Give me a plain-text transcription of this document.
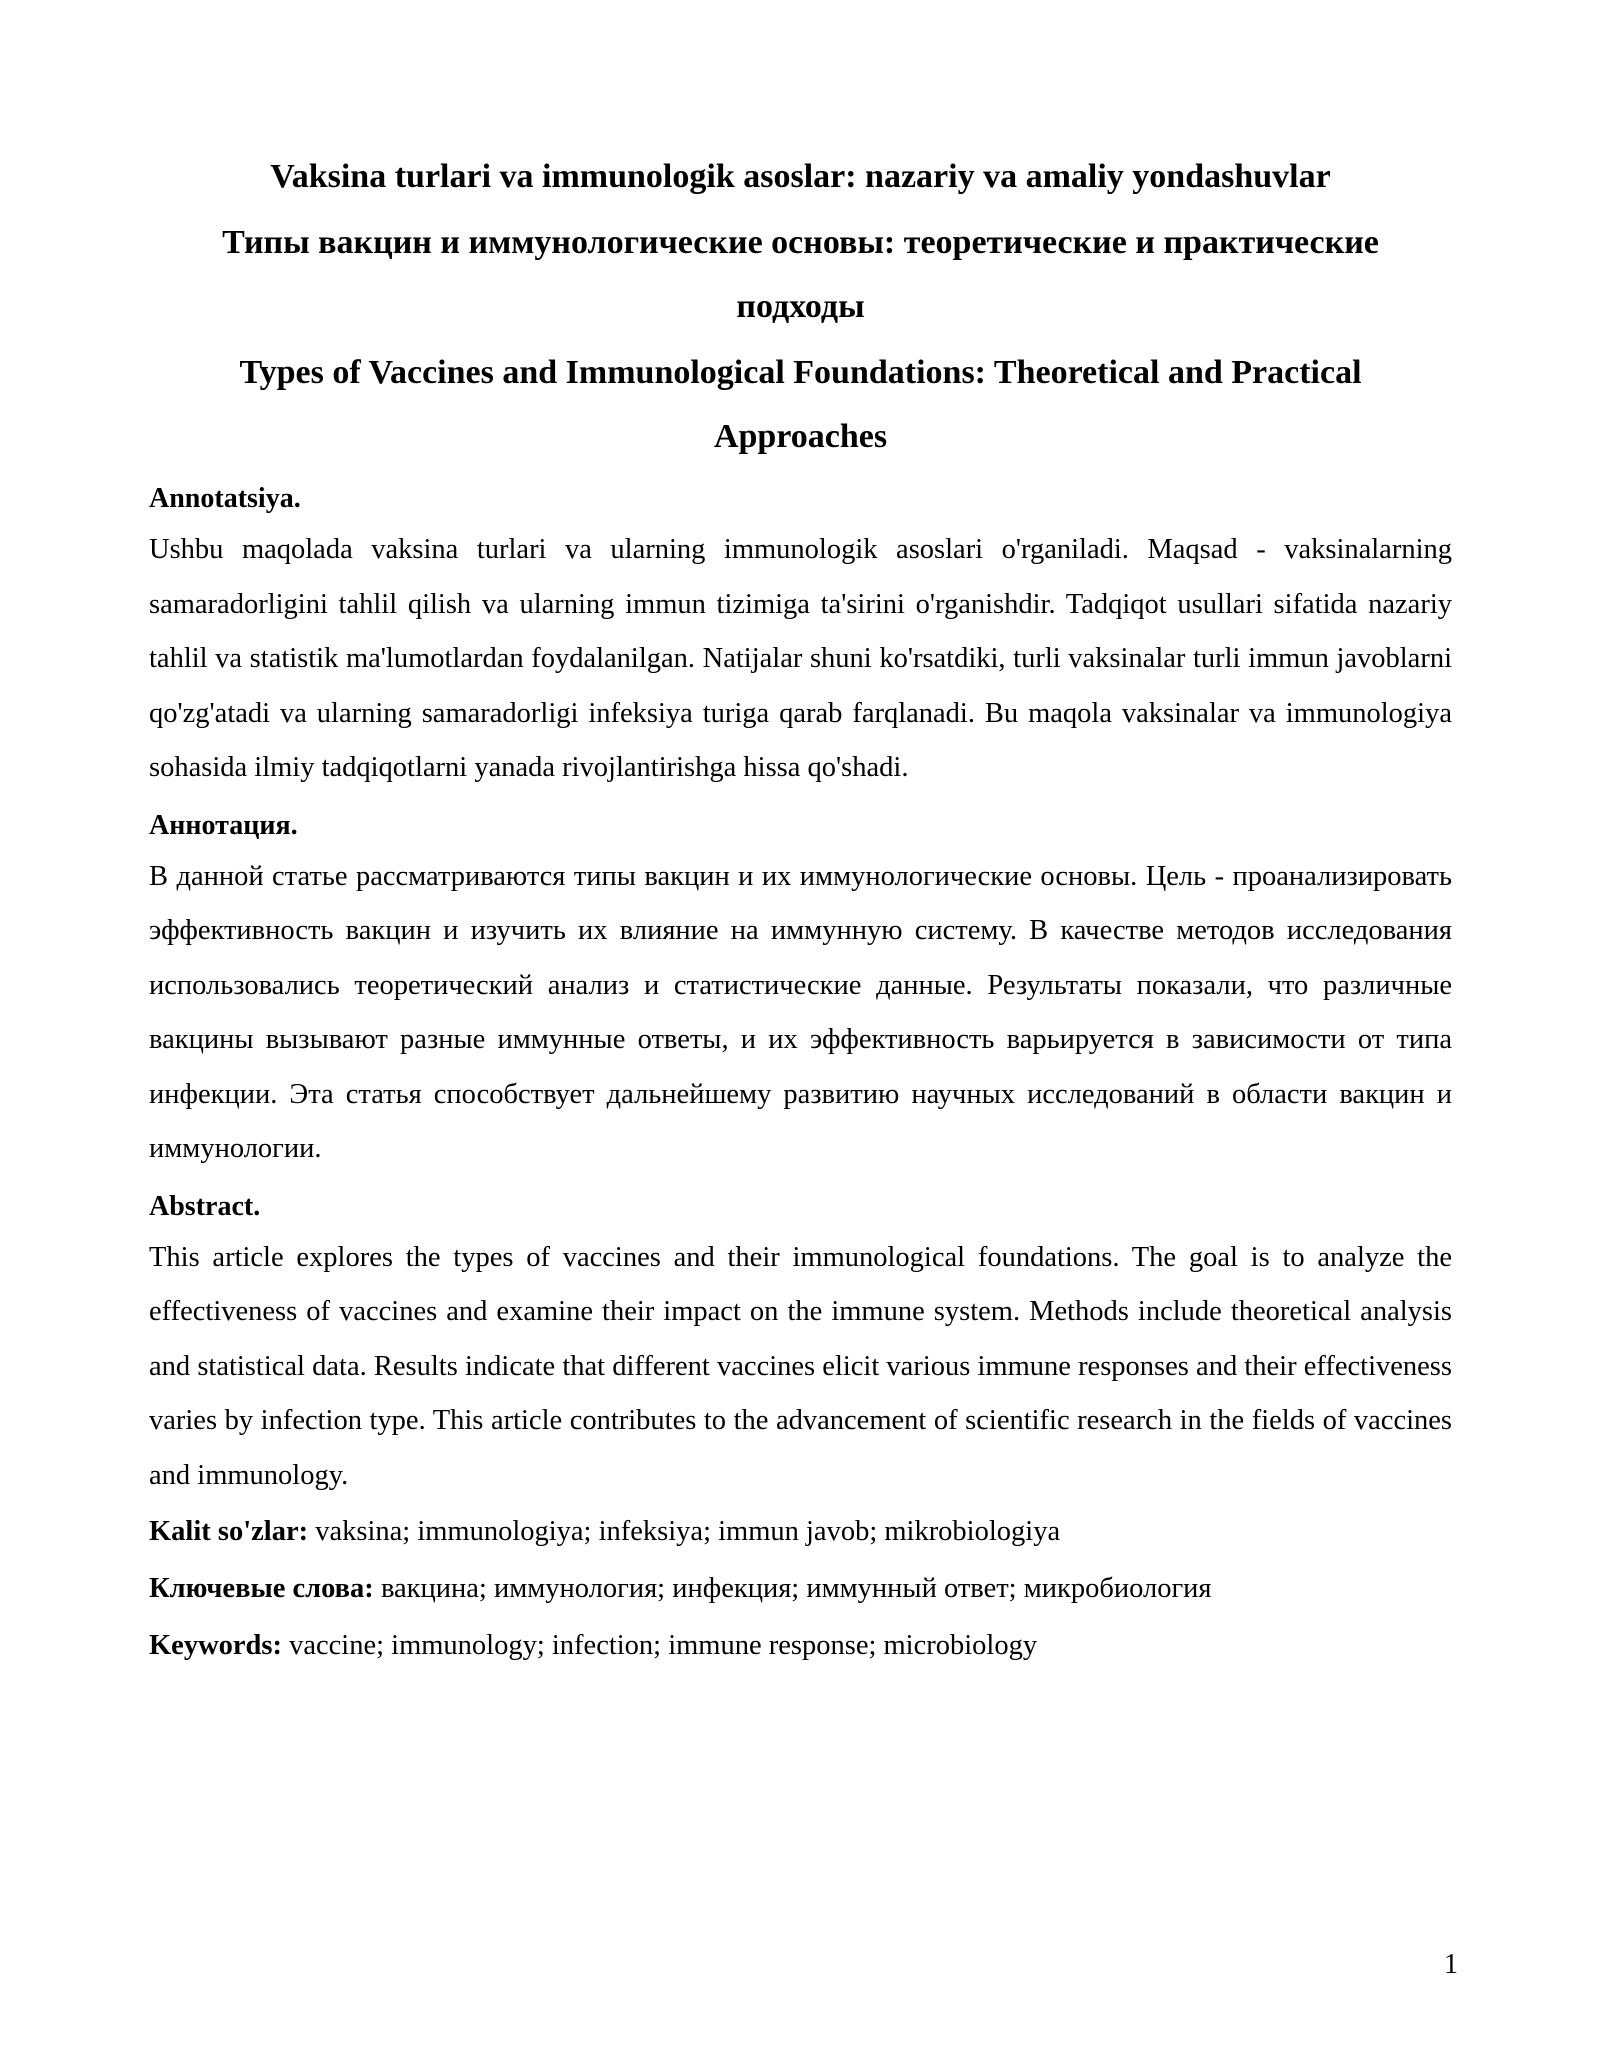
Vaksina turlari va immunologik asoslar: nazariy va amaliy yondashuvlar
Типы вакцин и иммунологические основы: теоретические и практические подходы
Types of Vaccines and Immunological Foundations: Theoretical and Practical Approaches

Annotatsiya.

Ushbu maqolada vaksina turlari va ularning immunologik asoslari o'rganiladi. Maqsad - vaksinalarning samaradorligini tahlil qilish va ularning immun tizimiga ta'sirini o'rganishdir. Tadqiqot usullari sifatida nazariy tahlil va statistik ma'lumotlardan foydalanilgan. Natijalar shuni ko'rsatdiki, turli vaksinalar turli immun javoblarni qo'zg'atadi va ularning samaradorligi infeksiya turiga qarab farqlanadi. Bu maqola vaksinalar va immunologiya sohasida ilmiy tadqiqotlarni yanada rivojlantirishga hissa qo'shadi.

Аннотация.

В данной статье рассматриваются типы вакцин и их иммунологические основы. Цель - проанализировать эффективность вакцин и изучить их влияние на иммунную систему. В качестве методов исследования использовались теоретический анализ и статистические данные. Результаты показали, что различные вакцины вызывают разные иммунные ответы, и их эффективность варьируется в зависимости от типа инфекции. Эта статья способствует дальнейшему развитию научных исследований в области вакцин и иммунологии.

Abstract.

This article explores the types of vaccines and their immunological foundations. The goal is to analyze the effectiveness of vaccines and examine their impact on the immune system. Methods include theoretical analysis and statistical data. Results indicate that different vaccines elicit various immune responses and their effectiveness varies by infection type. This article contributes to the advancement of scientific research in the fields of vaccines and immunology.

Kalit so'zlar: vaksina; immunologiya; infeksiya; immun javob; mikrobiologiya

Ключевые слова: вакцина; иммунология; инфекция; иммунный ответ; микробиология

Keywords: vaccine; immunology; infection; immune response; microbiology

1
